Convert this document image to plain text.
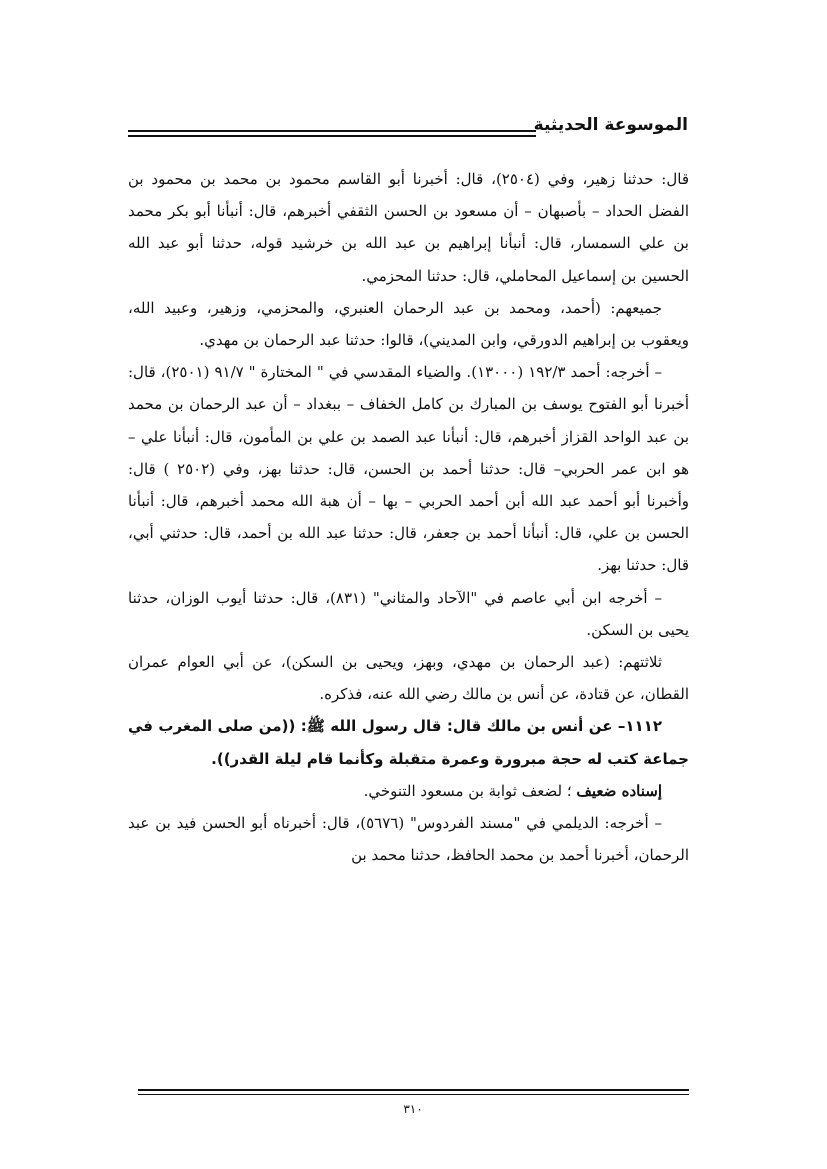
الموسوعة الحديثية

قال: حدثنا زهير، وفي (٢٥٠٤)، قال: أخبرنا أبو القاسم محمود بن محمد بن محمود بن الفضل الحداد – بأصبهان – أن مسعود بن الحسن الثقفي أخبرهم، قال: أنبأنا أبو بكر محمد بن علي السمسار، قال: أنبأنا إبراهيم بن عبد الله بن خرشيد قوله، حدثنا أبو عبد الله الحسين بن إسماعيل المحاملي، قال: حدثنا المحزمي.

جميعهم: (أحمد، ومحمد بن عبد الرحمان العنبري، والمحزمي، وزهير، وعبيد الله، ويعقوب بن إبراهيم الدورقي، وابن المديني)، قالوا: حدثنا عبد الرحمان بن مهدي.

– أخرجه: أحمد ١٩٢/٣ (١٣٠٠٠). والضياء المقدسي في " المختارة " ٩١/٧ (٢٥٠١)، قال: أخبرنا أبو الفتوح يوسف بن المبارك بن كامل الخفاف – ببغداد – أن عبد الرحمان بن محمد بن عبد الواحد القزاز أخبرهم، قال: أنبأنا عبد الصمد بن علي بن المأمون، قال: أنبأنا علي – هو ابن عمر الحربي– قال: حدثنا أحمد بن الحسن، قال: حدثنا بهز، وفي (٢٥٠٢ ) قال: وأخبرنا أبو أحمد عبد الله أبن أحمد الحربي – بها – أن هبة الله محمد أخبرهم، قال: أنبأنا الحسن بن علي، قال: أنبأنا أحمد بن جعفر، قال: حدثنا عبد الله بن أحمد، قال: حدثني أبي، قال: حدثنا بهز.

– أخرجه ابن أبي عاصم في "الآحاد والمثاني" (٨٣١)، قال: حدثنا أيوب الوزان، حدثنا يحيى بن السكن.

ثلاثتهم: (عبد الرحمان بن مهدي، وبهز، ويحيى بن السكن)، عن أبي العوام عمران القطان، عن قتادة، عن أنس بن مالك رضي الله عنه، فذكره.

١١١٢– عن أنس بن مالك قال: قال رسول الله ﷺ: ((من صلى المغرب في جماعة كتب له حجة مبرورة وعمرة متقبلة وكأنما قام ليلة القدر)).

إسناده ضعيف ؛ لضعف ثوابة بن مسعود التنوخي.

– أخرجه: الديلمي في "مسند الفردوس" (٥٦٧٦)، قال: أخبرناه أبو الحسن فيد بن عبد الرحمان، أخبرنا أحمد بن محمد الحافظ، حدثنا محمد بن

٣١٠
